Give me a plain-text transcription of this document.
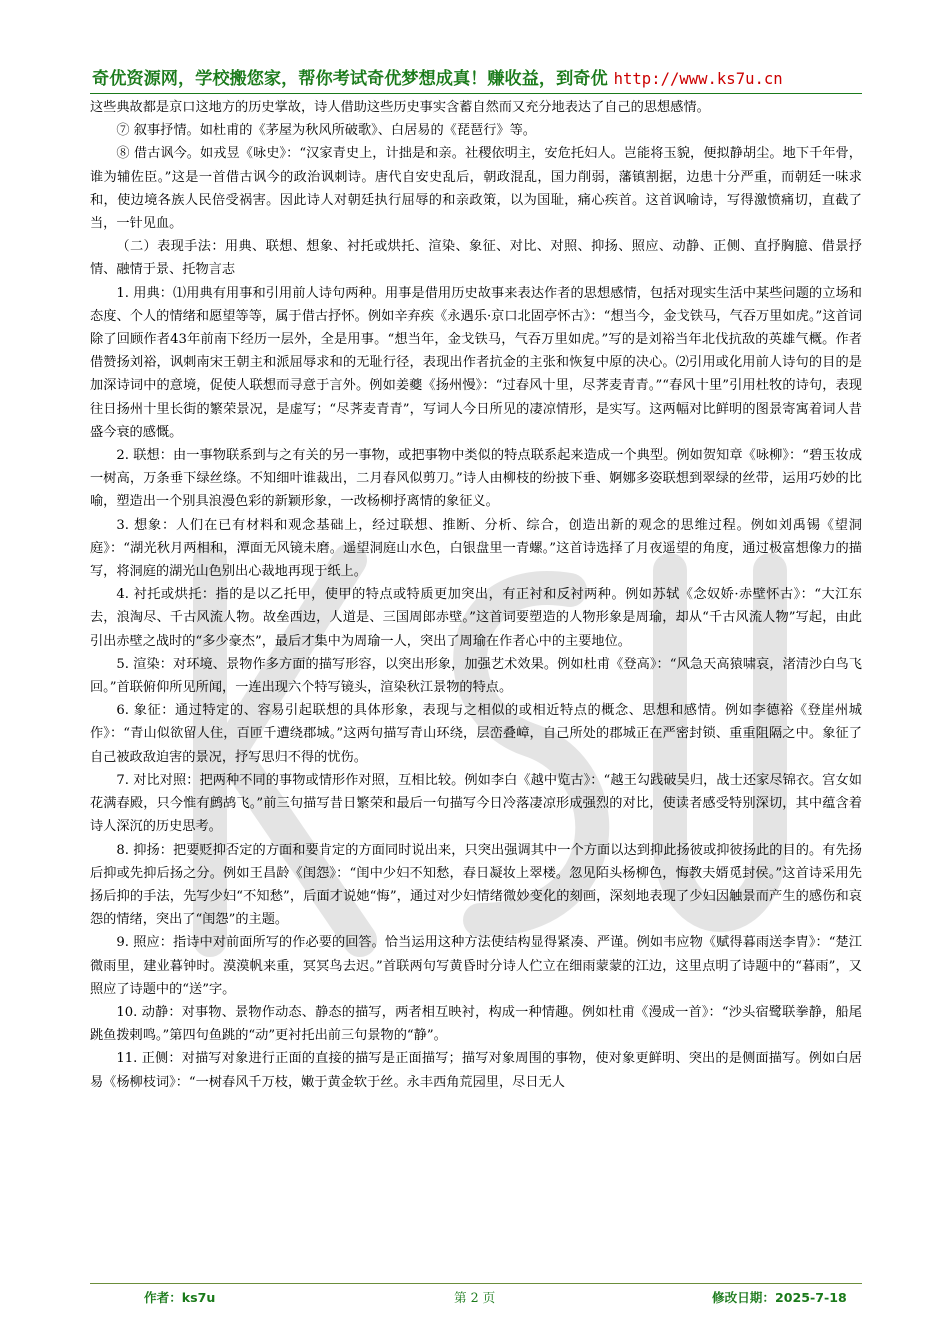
ks7u
奇优资源网，学校搬您家，帮你考试奇优梦想成真！赚收益，到奇优 http://www.ks7u.cn

这些典故都是京口这地方的历史掌故，诗人借助这些历史事实含蓄自然而又充分地表达了自己的思想感情。

⑦ 叙事抒情。如杜甫的《茅屋为秋风所破歌》、白居易的《琵琶行》等。

⑧ 借古讽今。如戎昱《咏史》：“汉家青史上，计拙是和亲。社稷依明主，安危托妇人。岂能将玉貌，便拟静胡尘。地下千年骨，谁为辅佐臣。”这是一首借古讽今的政治讽刺诗。唐代自安史乱后，朝政混乱，国力削弱，藩镇割据，边患十分严重，而朝廷一味求和，使边境各族人民倍受祸害。因此诗人对朝廷执行屈辱的和亲政策，以为国耻，痛心疾首。这首讽喻诗，写得激愤痛切，直截了当，一针见血。

（二）表现手法：用典、联想、想象、衬托或烘托、渲染、象征、对比、对照、抑扬、照应、动静、正侧、直抒胸臆、借景抒情、融情于景、托物言志

1. 用典：⑴用典有用事和引用前人诗句两种。用事是借用历史故事来表达作者的思想感情，包括对现实生活中某些问题的立场和态度、个人的情绪和愿望等等，属于借古抒怀。例如辛弃疾《永遇乐·京口北固亭怀古》：“想当今，金戈铁马，气吞万里如虎。”这首词除了回顾作者43年前南下经历一层外，全是用事。“想当年，金戈铁马，气吞万里如虎。”写的是刘裕当年北伐抗敌的英雄气概。作者借赞扬刘裕，讽刺南宋王朝主和派屈辱求和的无耻行径，表现出作者抗金的主张和恢复中原的决心。⑵引用或化用前人诗句的目的是加深诗词中的意境，促使人联想而寻意于言外。例如姜夔《扬州慢》：“过春风十里，尽荠麦青青。”“春风十里”引用杜牧的诗句，表现往日扬州十里长街的繁荣景况，是虚写；“尽荠麦青青”，写词人今日所见的凄凉情形，是实写。这两幅对比鲜明的图景寄寓着词人昔盛今衰的感慨。

2. 联想：由一事物联系到与之有关的另一事物，或把事物中类似的特点联系起来造成一个典型。例如贺知章《咏柳》：“碧玉妆成一树高，万条垂下绿丝绦。不知细叶谁裁出，二月春风似剪刀。”诗人由柳枝的纷披下垂、婀娜多姿联想到翠绿的丝带，运用巧妙的比喻，塑造出一个别具浪漫色彩的新颖形象，一改杨柳抒离情的象征义。

3. 想象：人们在已有材料和观念基础上，经过联想、推断、分析、综合，创造出新的观念的思维过程。例如刘禹锡《望洞庭》：“湖光秋月两相和，潭面无风镜未磨。遥望洞庭山水色，白银盘里一青螺。”这首诗选择了月夜遥望的角度，通过极富想像力的描写，将洞庭的湖光山色别出心裁地再现于纸上。

4. 衬托或烘托：指的是以乙托甲，使甲的特点或特质更加突出，有正衬和反衬两种。例如苏轼《念奴娇·赤壁怀古》：“大江东去，浪淘尽、千古风流人物。故垒西边，人道是、三国周郎赤壁。”这首词要塑造的人物形象是周瑜，却从“千古风流人物”写起，由此引出赤壁之战时的“多少豪杰”，最后才集中为周瑜一人，突出了周瑜在作者心中的主要地位。

5. 渲染：对环境、景物作多方面的描写形容，以突出形象，加强艺术效果。例如杜甫《登高》：“风急天高猿啸哀，渚清沙白鸟飞回。”首联俯仰所见所闻，一连出现六个特写镜头，渲染秋江景物的特点。

6. 象征：通过特定的、容易引起联想的具体形象，表现与之相似的或相近特点的概念、思想和感情。例如李德裕《登崖州城作》：“青山似欲留人住，百匝千遭绕郡城。”这两句描写青山环绕，层峦叠嶂，自己所处的郡城正在严密封锁、重重阻隔之中。象征了自己被政敌迫害的景况，抒写思归不得的忧伤。

7. 对比对照：把两种不同的事物或情形作对照，互相比较。例如李白《越中览古》：“越王勾践破吴归，战士还家尽锦衣。宫女如花满春殿，只今惟有鹧鸪飞。”前三句描写昔日繁荣和最后一句描写今日冷落凄凉形成强烈的对比，使读者感受特别深切，其中蕴含着诗人深沉的历史思考。

8. 抑扬：把要贬抑否定的方面和要肯定的方面同时说出来，只突出强调其中一个方面以达到抑此扬彼或抑彼扬此的目的。有先扬后抑或先抑后扬之分。例如王昌龄《闺怨》：“闺中少妇不知愁，春日凝妆上翠楼。忽见陌头杨柳色，悔教夫婿觅封侯。”这首诗采用先扬后抑的手法，先写少妇“不知愁”，后面才说她“悔”，通过对少妇情绪微妙变化的刻画，深刻地表现了少妇因触景而产生的感伤和哀怨的情绪，突出了“闺怨”的主题。

9. 照应：指诗中对前面所写的作必要的回答。恰当运用这种方法使结构显得紧凑、严谨。例如韦应物《赋得暮雨送李胄》：“楚江微雨里，建业暮钟时。漠漠帆来重，冥冥鸟去迟。”首联两句写黄昏时分诗人伫立在细雨蒙蒙的江边，这里点明了诗题中的“暮雨”，又照应了诗题中的“送”字。

10. 动静：对事物、景物作动态、静态的描写，两者相互映衬，构成一种情趣。例如杜甫《漫成一首》：“沙头宿鹭联拳静，船尾跳鱼拨剌鸣。”第四句鱼跳的“动”更衬托出前三句景物的“静”。

11. 正侧：对描写对象进行正面的直接的描写是正面描写；描写对象周围的事物，使对象更鲜明、突出的是侧面描写。例如白居易《杨柳枝词》：“一树春风千万枝，嫩于黄金软于丝。永丰西角荒园里，尽日无人

作者：ks7u	第 2 页	修改日期：2025-7-18
